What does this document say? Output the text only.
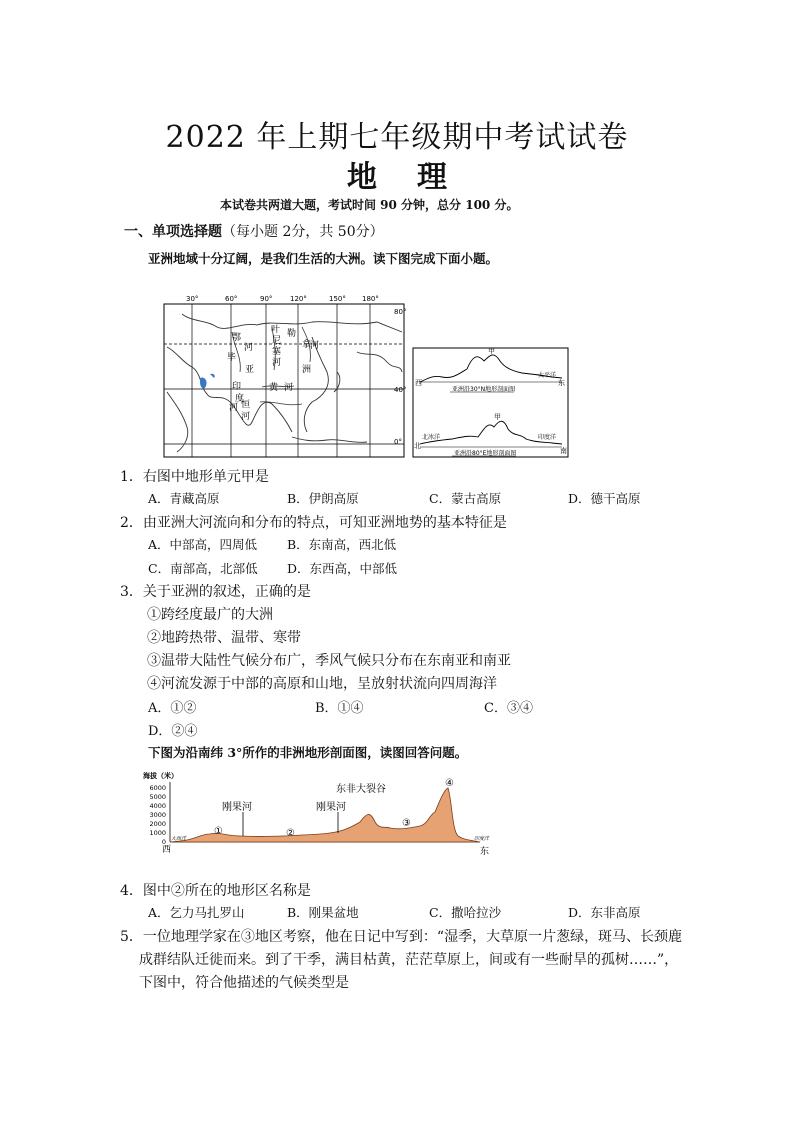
2022 年上期七年级期中考试试卷
地理
本试卷共两道大题，考试时间 90 分钟，总分 100 分。
一、单项选择题（每小题 2分，共 50分）
亚洲地域十分辽阔，是我们生活的大洲。读下图完成下面小题。
30°	60°	90°	120°	150° 180°
80°
40°
0°
鄂
毕
河
亚	洲
黄 河
印
度
河 恒
河
叶
尼
塞
河
勒
拿
河	甲
西	东
太平洋
亚洲沿30°N地形剖面图
甲
北
南
北冰洋	印度洋
亚洲沿80°E地形剖面图
1．右图中地形单元甲是
A．青藏高原	B．伊朗高原	C．蒙古高原	D．德干高原
2．由亚洲大河流向和分布的特点，可知亚洲地势的基本特征是
A．中部高，四周低 B．东南高，西北低
C．南部高，北部低 D．东西高，中部低
3．关于亚洲的叙述，正确的是
①跨经度最广的大洲
②地跨热带、温带、寒带
③温带大陆性气候分布广，季风气候只分布在东南亚和南亚
④河流发源于中部的高原和山地，呈放射状流向四周海洋
A．①②	B．①④	C．③④
D．②④
下图为沿南纬 3°所作的非洲地形剖面图，读图回答问题。
海拔（米）
6000
5000
4000
3000
2000
1000
0
刚果河	刚果河
东非大裂谷
①	②
③
④
大西洋	印度洋
西	东
4．图中②所在的地形区名称是
A．乞力马扎罗山	B．刚果盆地	C．撒哈拉沙	D．东非高原
5．一位地理学家在③地区考察，他在日记中写到：“湿季，大草原一片葱绿，斑马、长颈鹿
成群结队迁徙而来。到了干季，满目枯黄，茫茫草原上，间或有一些耐旱的孤树……”，
下图中，符合他描述的气候类型是
